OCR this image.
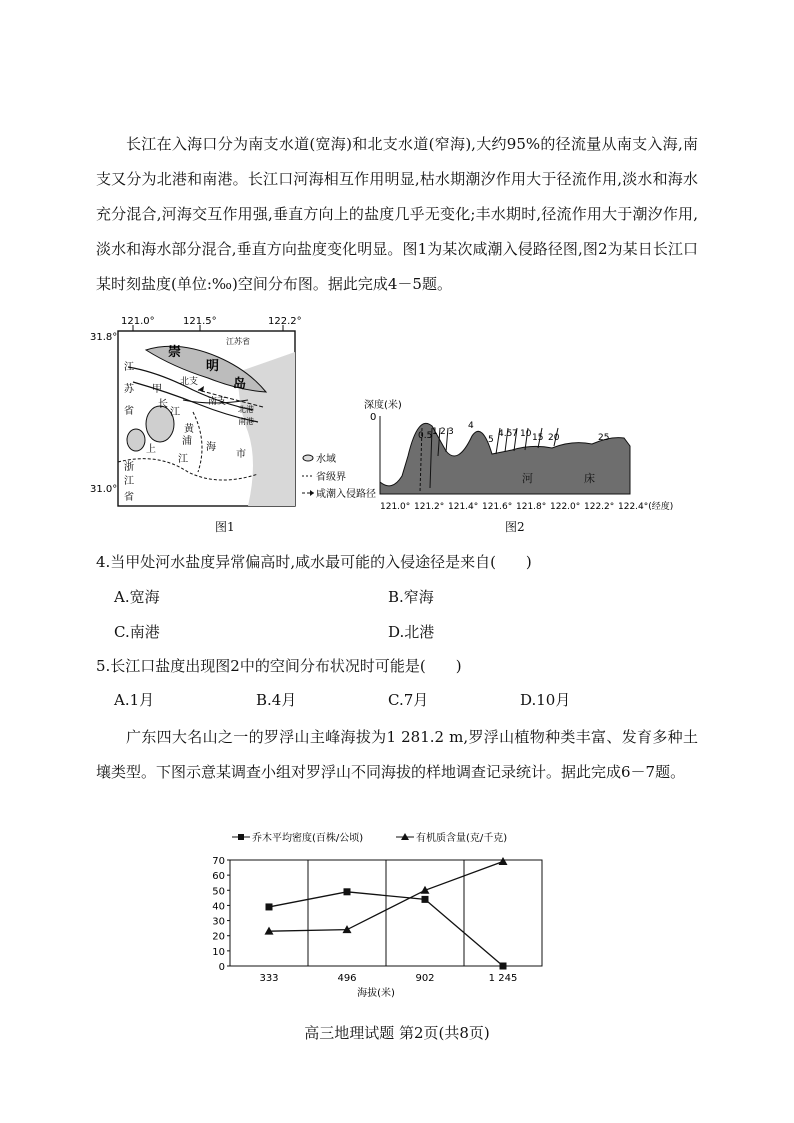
长江在入海口分为南支水道(宽海)和北支水道(窄海),大约95%的径流量从南支入海,南支又分为北港和南港。长江口河海相互作用明显,枯水期潮汐作用大于径流作用,淡水和海水充分混合,河海交互作用强,垂直方向上的盐度几乎无变化;丰水期时,径流作用大于潮汐作用,淡水和海水部分混合,垂直方向盐度变化明显。图1为某次咸潮入侵路径图,图2为某日长江口某时刻盐度(单位:‰)空间分布图。据此完成4－5题。

121.0°	121.5°	122.2°
31.8°
31.0°
江苏省
崇
明
岛
江
苏
省
甲
北支
南支
北港
南港
长
江
上	海
市
黄
浦
江
浙
江
省
水域
省级界
咸潮入侵路径
图1
深度(米)
0
河	床
0.5 1 2 3
4
5
4.5 7 10 15 20	25
121.0° 121.2° 121.4° 121.6° 121.8° 122.0° 122.2° 122.4°(经度)
图2

4.当甲处河水盐度异常偏高时,咸水最可能的入侵途径是来自(　　)

A.宽海	B.窄海

C.南港	D.北港

5.长江口盐度出现图2中的空间分布状况时可能是(　　)

A.1月	B.4月	C.7月	D.10月

广东四大名山之一的罗浮山主峰海拔为1 281.2 m,罗浮山植物种类丰富、发育多种土壤类型。下图示意某调查小组对罗浮山不同海拔的样地调查记录统计。据此完成6－7题。

乔木平均密度(百株/公顷)	有机质含量(克/千克)
0
10
20
30
40
50
60
70
333	496	902	1 245
海拔(米)
高三地理试题 第2页(共8页)
